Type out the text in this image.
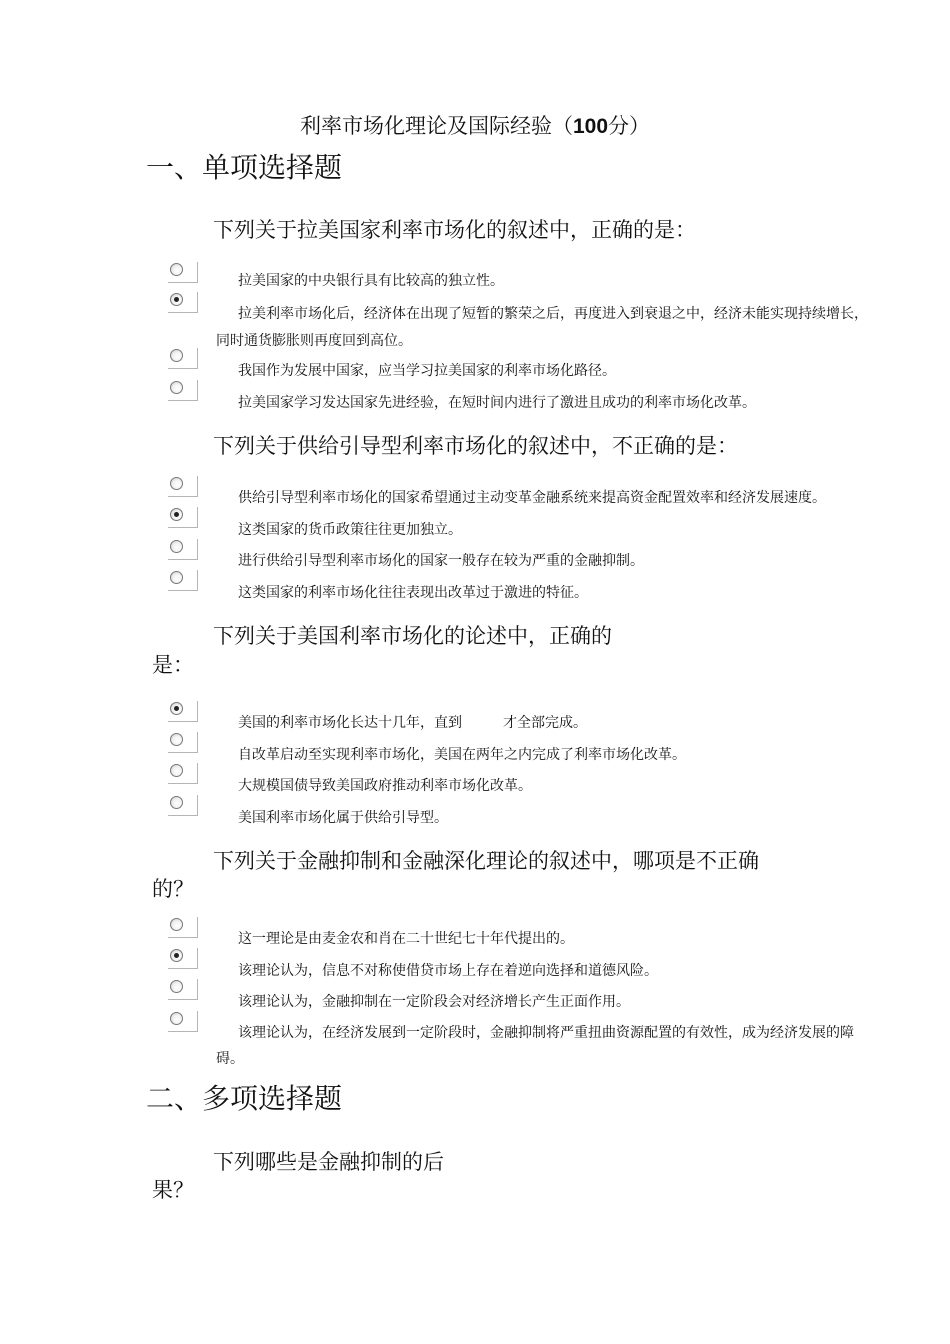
利率市场化理论及国际经验（100分）
一、单项选择题
下列关于拉美国家利率市场化的叙述中，正确的是：
拉美国家的中央银行具有比较高的独立性。
拉美利率市场化后，经济体在出现了短暂的繁荣之后，再度进入到衰退之中，经济未能实现持续增长，
同时通货膨胀则再度回到高位。
我国作为发展中国家，应当学习拉美国家的利率市场化路径。
拉美国家学习发达国家先进经验，在短时间内进行了激进且成功的利率市场化改革。
下列关于供给引导型利率市场化的叙述中，不正确的是：
供给引导型利率市场化的国家希望通过主动变革金融系统来提高资金配置效率和经济发展速度。
这类国家的货币政策往往更加独立。
进行供给引导型利率市场化的国家一般存在较为严重的金融抑制。
这类国家的利率市场化往往表现出改革过于激进的特征。
下列关于美国利率市场化的论述中，正确的
是：
美国的利率市场化长达十几年，直到	才全部完成。
自改革启动至实现利率市场化，美国在两年之内完成了利率市场化改革。
大规模国债导致美国政府推动利率市场化改革。
美国利率市场化属于供给引导型。
下列关于金融抑制和金融深化理论的叙述中，哪项是不正确
的？
这一理论是由麦金农和肖在二十世纪七十年代提出的。
该理论认为，信息不对称使借贷市场上存在着逆向选择和道德风险。
该理论认为，金融抑制在一定阶段会对经济增长产生正面作用。
该理论认为，在经济发展到一定阶段时，金融抑制将严重扭曲资源配置的有效性，成为经济发展的障
碍。
二、多项选择题
下列哪些是金融抑制的后
果？
